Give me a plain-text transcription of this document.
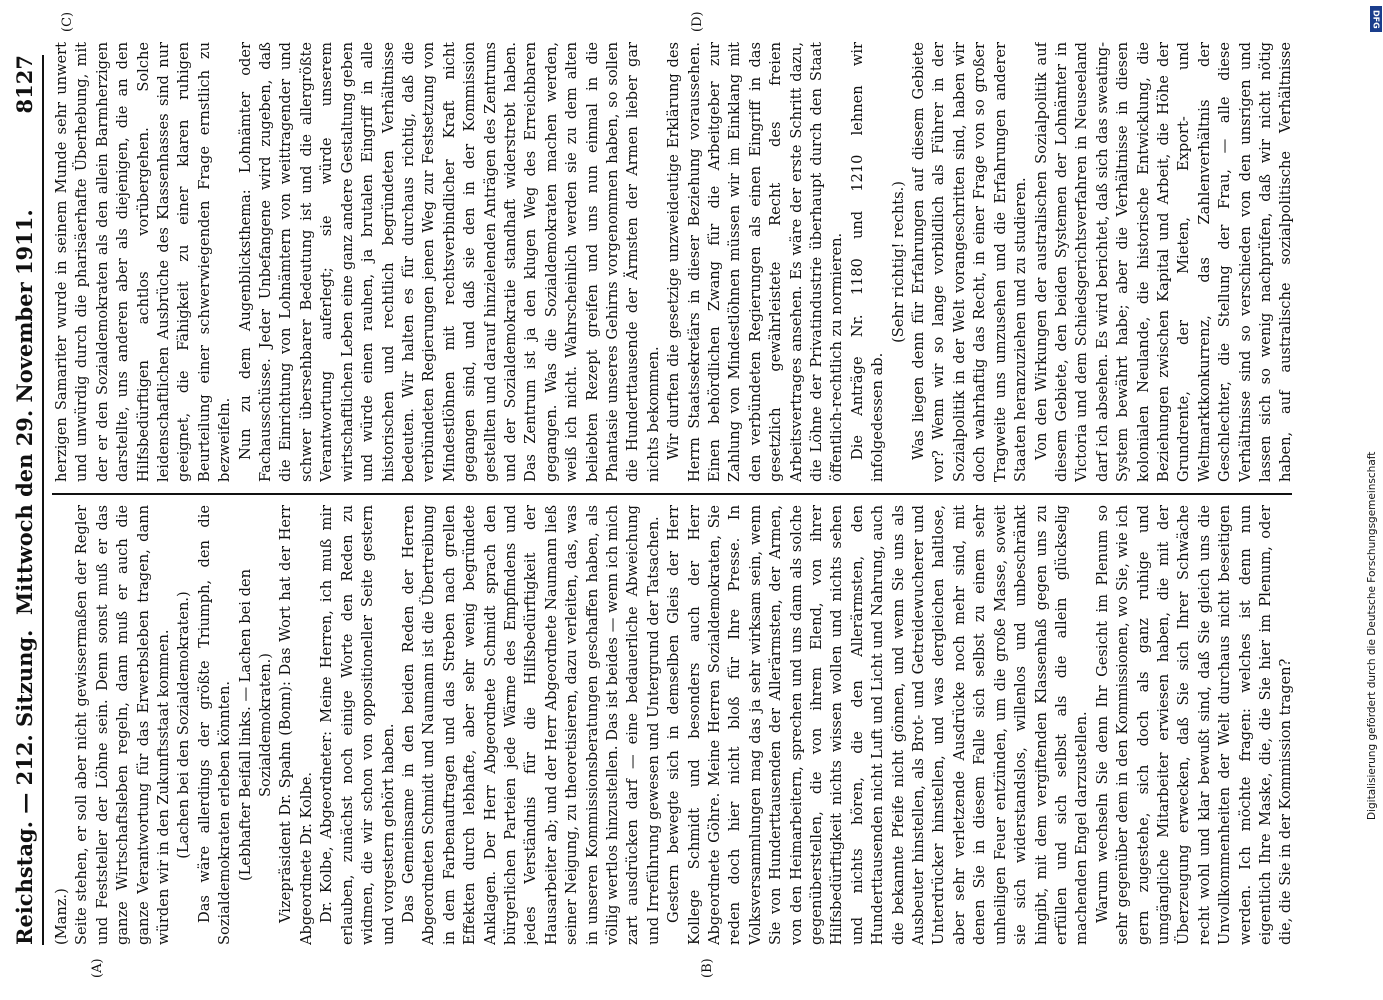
Reichstag. — 212. Sitzung.
Mittwoch den 29. November 1911.
8127
(A)	(B)
(C)	(D)

(Manz.) Seite stehen, er soll aber nicht gewissermaßen der Regler und Feststeller der Löhne sein. Denn sonst muß er das ganze Wirtschaftsleben regeln, dann muß er auch die ganze Verantwortung für das Erwerbsleben tragen, dann würden wir in den Zukunftsstaat kommen. (Lachen bei den Sozialdemokraten.) Das wäre allerdings der größte Triumph, den die Sozialdemokraten erleben könnten. (Lebhafter Beifall links. — Lachen bei den Sozialdemokraten.) Vizepräsident Dr. Spahn (Bonn): Das Wort hat der Herr Abgeordnete Dr. Kolbe. Dr. Kolbe, Abgeordneter: Meine Herren, ich muß mir erlauben, zunächst noch einige Worte den Reden zu widmen, die wir schon von oppositioneller Seite gestern und vorgestern gehört haben. Das Gemeinsame in den beiden Reden der Herren Abgeordneten Schmidt und Naumann ist die Übertreibung in dem Farbenauftragen und das Streben nach grellen Effekten durch lebhafte, aber sehr wenig begründete Anklagen. Der Herr Abgeordnete Schmidt sprach den bürgerlichen Parteien jede Wärme des Empfindens und jedes Verständnis für die Hilfsbedürftigkeit der Hausarbeiter ab; und der Herr Abgeordnete Naumann ließ seiner Neigung, zu theoretisieren, dazu verleiten, das, was in unseren Kommissionsberatungen geschaffen haben, als völlig wertlos hinzustellen. Das ist beides — wenn ich mich zart ausdrücken darf — eine bedauerliche Abweichung und Irreführung gewesen und Untergrund der Tatsachen. Gestern bewegte sich in demselben Gleis der Herr Kollege Schmidt und besonders auch der Herr Abgeordnete Göhre. Meine Herren Sozialdemokraten, Sie reden doch hier nicht bloß für Ihre Presse. In Volksversammlungen mag das ja sehr wirksam sein, wenn Sie von Hunderttausenden der Allerärmsten, der Armen, von den Heimarbeitern, sprechen und uns dann als solche gegenüberstellen, die von ihrem Elend, von ihrer Hilfsbedürftigkeit nichts wissen wollen und nichts sehen und nichts hören, die den Allerärmsten, den Hunderttausenden nicht Luft und Licht und Nahrung, auch die bekannte Pfeife nicht gönnen, und wenn Sie uns als Ausbeuter hinstellen, als Brot- und Getreidewucherer und Unterdrücker hinstellen, und was dergleichen haltlose, aber sehr verletzende Ausdrücke noch mehr sind, mit denen Sie in diesem Falle sich selbst zu einem sehr unheiligen Feuer entzünden, um die große Masse, soweit sie sich widerstandslos, willenlos und unbeschränkt hingibt, mit dem vergiftenden Klassenhaß gegen uns zu erfüllen und sich selbst als die allein glückselig machenden Engel darzustellen. Warum wechseln Sie denn Ihr Gesicht im Plenum so sehr gegenüber dem in den Kommissionen, wo Sie, wie ich gern zugestehe, sich doch als ganz ruhige und umgängliche Mitarbeiter erwiesen haben, die mit der Überzeugung erwecken, daß Sie sich Ihrer Schwäche recht wohl und klar bewußt sind, daß Sie gleich uns die Unvollkommenheiten der Welt durchaus nicht beseitigen werden. Ich möchte fragen: welches ist denn nun eigentlich Ihre Maske, die, die Sie hier im Plenum, oder die, die Sie in der Kommission tragen?

herzigen Samariter wurde in seinem Munde sehr unwert und unwürdig durch die pharisäerhafte Überhebung, mit der er den Sozialdemokraten als den allein Barmherzigen darstellte, uns anderen aber als diejenigen, die an den Hilfsbedürftigen achtlos vorübergehen. Solche leidenschaftlichen Ausbrüche des Klassenhasses sind nur geeignet, die Fähigkeit zu einer klaren ruhigen Beurteilung einer schwerwiegenden Frage ernstlich zu bezweifeln. Nun zu dem Augenblicksthema: Lohnämter oder Fachausschüsse. Jeder Unbefangene wird zugeben, daß die Einrichtung von Lohnämtern von weittragender und schwer übersehbarer Bedeutung ist und die allergrößte Verantwortung auferlegt; sie würde unserem wirtschaftlichen Leben eine ganz andere Gestaltung geben und würde einen rauhen, ja brutalen Eingriff in alle historischen und rechtlich begründeten Verhältnisse bedeuten. Wir halten es für durchaus richtig, daß die verbündeten Regierungen jenen Weg zur Festsetzung von Mindestlöhnen mit rechtsverbindlicher Kraft nicht gegangen sind, und daß sie den in der Kommission gestellten und darauf hinzielenden Anträgen des Zentrums und der Sozialdemokratie standhaft widerstrebt haben. Das Zentrum ist ja den klugen Weg des Erreichbaren gegangen. Was die Sozialdemokraten machen werden, weiß ich nicht. Wahrscheinlich werden sie zu dem alten beliebten Rezept greifen und uns nun einmal in die Phantasie unseres Gehirns vorgenommen haben, so sollen die Hunderttausende der Ärmsten der Armen lieber gar nichts bekommen. Wir durften die gesetzige unzweideutige Erklärung des Herrn Staatssekretärs in dieser Beziehung voraussehen. Einen behördlichen Zwang für die Arbeitgeber zur Zahlung von Mindestlöhnen müssen wir im Einklang mit den verbündeten Regierungen als einen Eingriff in das gesetzlich gewährleistete Recht des freien Arbeitsvertrages ansehen. Es wäre der erste Schritt dazu, die Löhne der Privatindustrie überhaupt durch den Staat öffentlich-rechtlich zu normieren. Die Anträge Nr. 1180 und 1210 lehnen wir infolgedessen ab.

(Sehr richtig! rechts.) Was liegen denn für Erfahrungen auf diesem Gebiete vor? Wenn wir so lange vorbildlich als Führer in der Sozialpolitik in der Welt vorangeschritten sind, haben wir doch wahrhaftig das Recht, in einer Frage von so großer Tragweite uns umzusehen und die Erfahrungen anderer Staaten heranzuziehen und zu studieren. Von den Wirkungen der australischen Sozialpolitik auf diesem Gebiete, den beiden Systemen der Lohnämter in Victoria und dem Schiedsgerichtsverfahren in Neuseeland darf ich absehen. Es wird berichtet, daß sich das sweating-System bewährt habe; aber die Verhältnisse in diesen kolonialen Neulande, die historische Entwicklung, die Beziehungen zwischen Kapital und Arbeit, die Höhe der Grundrente, der Mieten, Export- und Weltmarktkonkurrenz, das Zahlenverhältnis der Geschlechter, die Stellung der Frau, — alle diese Verhältnisse sind so verschieden von den unsrigen und lassen sich so wenig nachprüfen, daß wir nicht nötig haben, auf australische sozialpolitische Verhältnisse

DFG
Digitalisierung gefördert durch die Deutsche Forschungsgemeinschaft
